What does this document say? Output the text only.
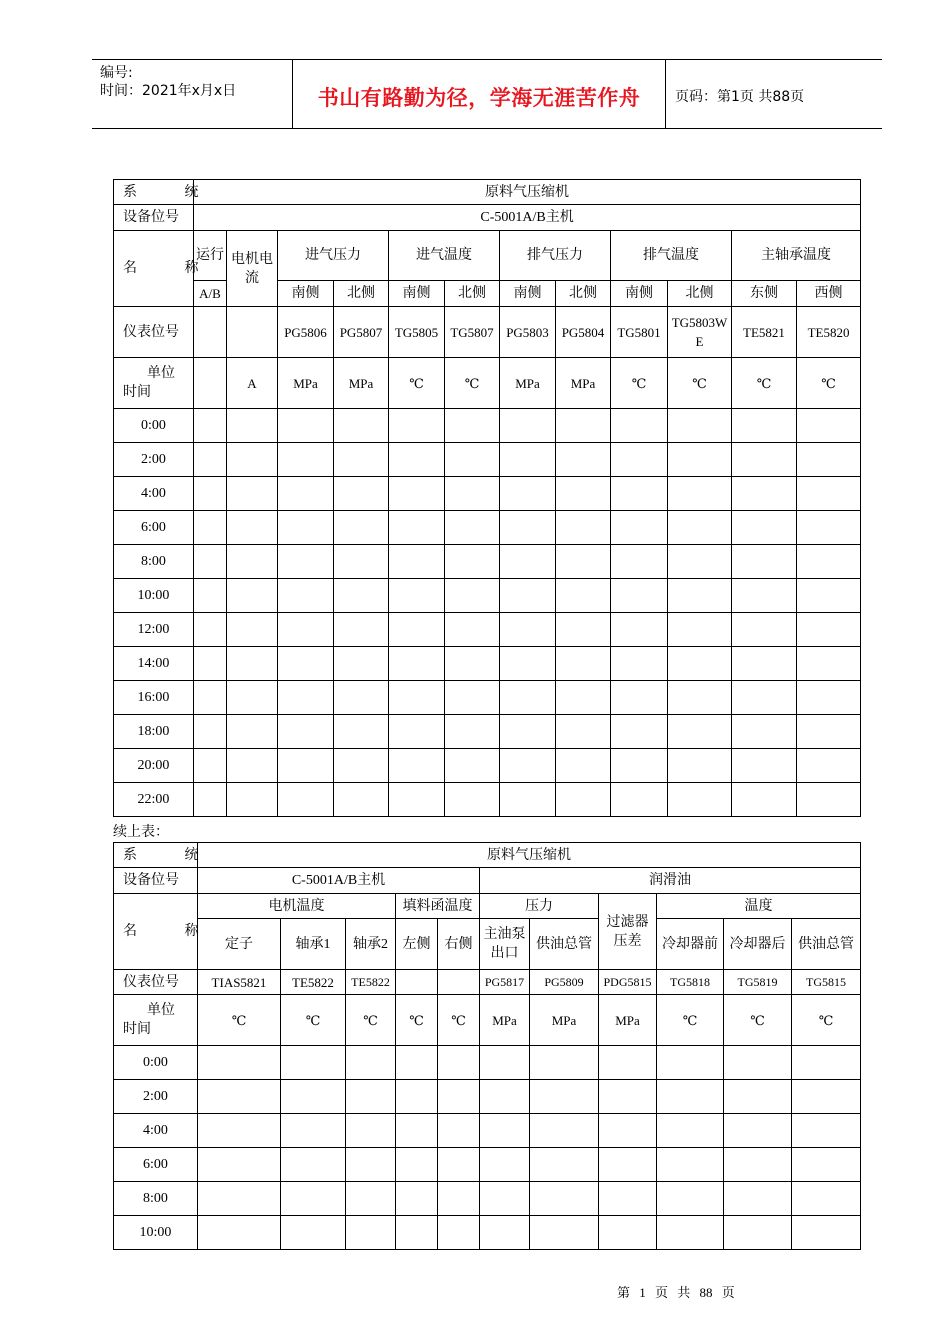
编号:
时间：2021年x月x日	书山有路勤为径，学海无涯苦作舟	页码：第1页 共88页
系 统	原料气压缩机											
设备位号	C-5001A/B主机											
名 称	运行	电机电流	进气压力		进气温度		排气压力		排气温度		主轴承温度	
	A/B		南侧	北侧	南侧	北侧	南侧	北侧	南侧	北侧	东侧	西侧
仪表位号			PG5806	PG5807	TG5805	TG5807	PG5803	PG5804	TG5801	TG5803WE	TE5821	TE5820

单位
时间		A	MPa	MPa	℃	℃	MPa	MPa	℃	℃	℃	℃
0:00												
2:00												
4:00												
6:00												
8:00												
10:00												
12:00												
14:00												
16:00												
18:00												
20:00												
22:00												
续上表：
系 统	原料气压缩机										
设备位号	C-5001A/B主机					润滑油					
名 称	电机温度			填料函温度		压力		过滤器压差	温度		
	定子	轴承1	轴承2	左侧	右侧	主油泵出口	供油总管		冷却器前	冷却器后	供油总管
仪表位号	TIAS5821	TE5822	TE5822			PG5817	PG5809	PDG5815	TG5818	TG5819	TG5815

单位
时间	℃	℃	℃	℃	℃	MPa	MPa	MPa	℃	℃	℃
0:00											
2:00											
4:00											
6:00											
8:00											
10:00											
第 1 页 共 88 页
